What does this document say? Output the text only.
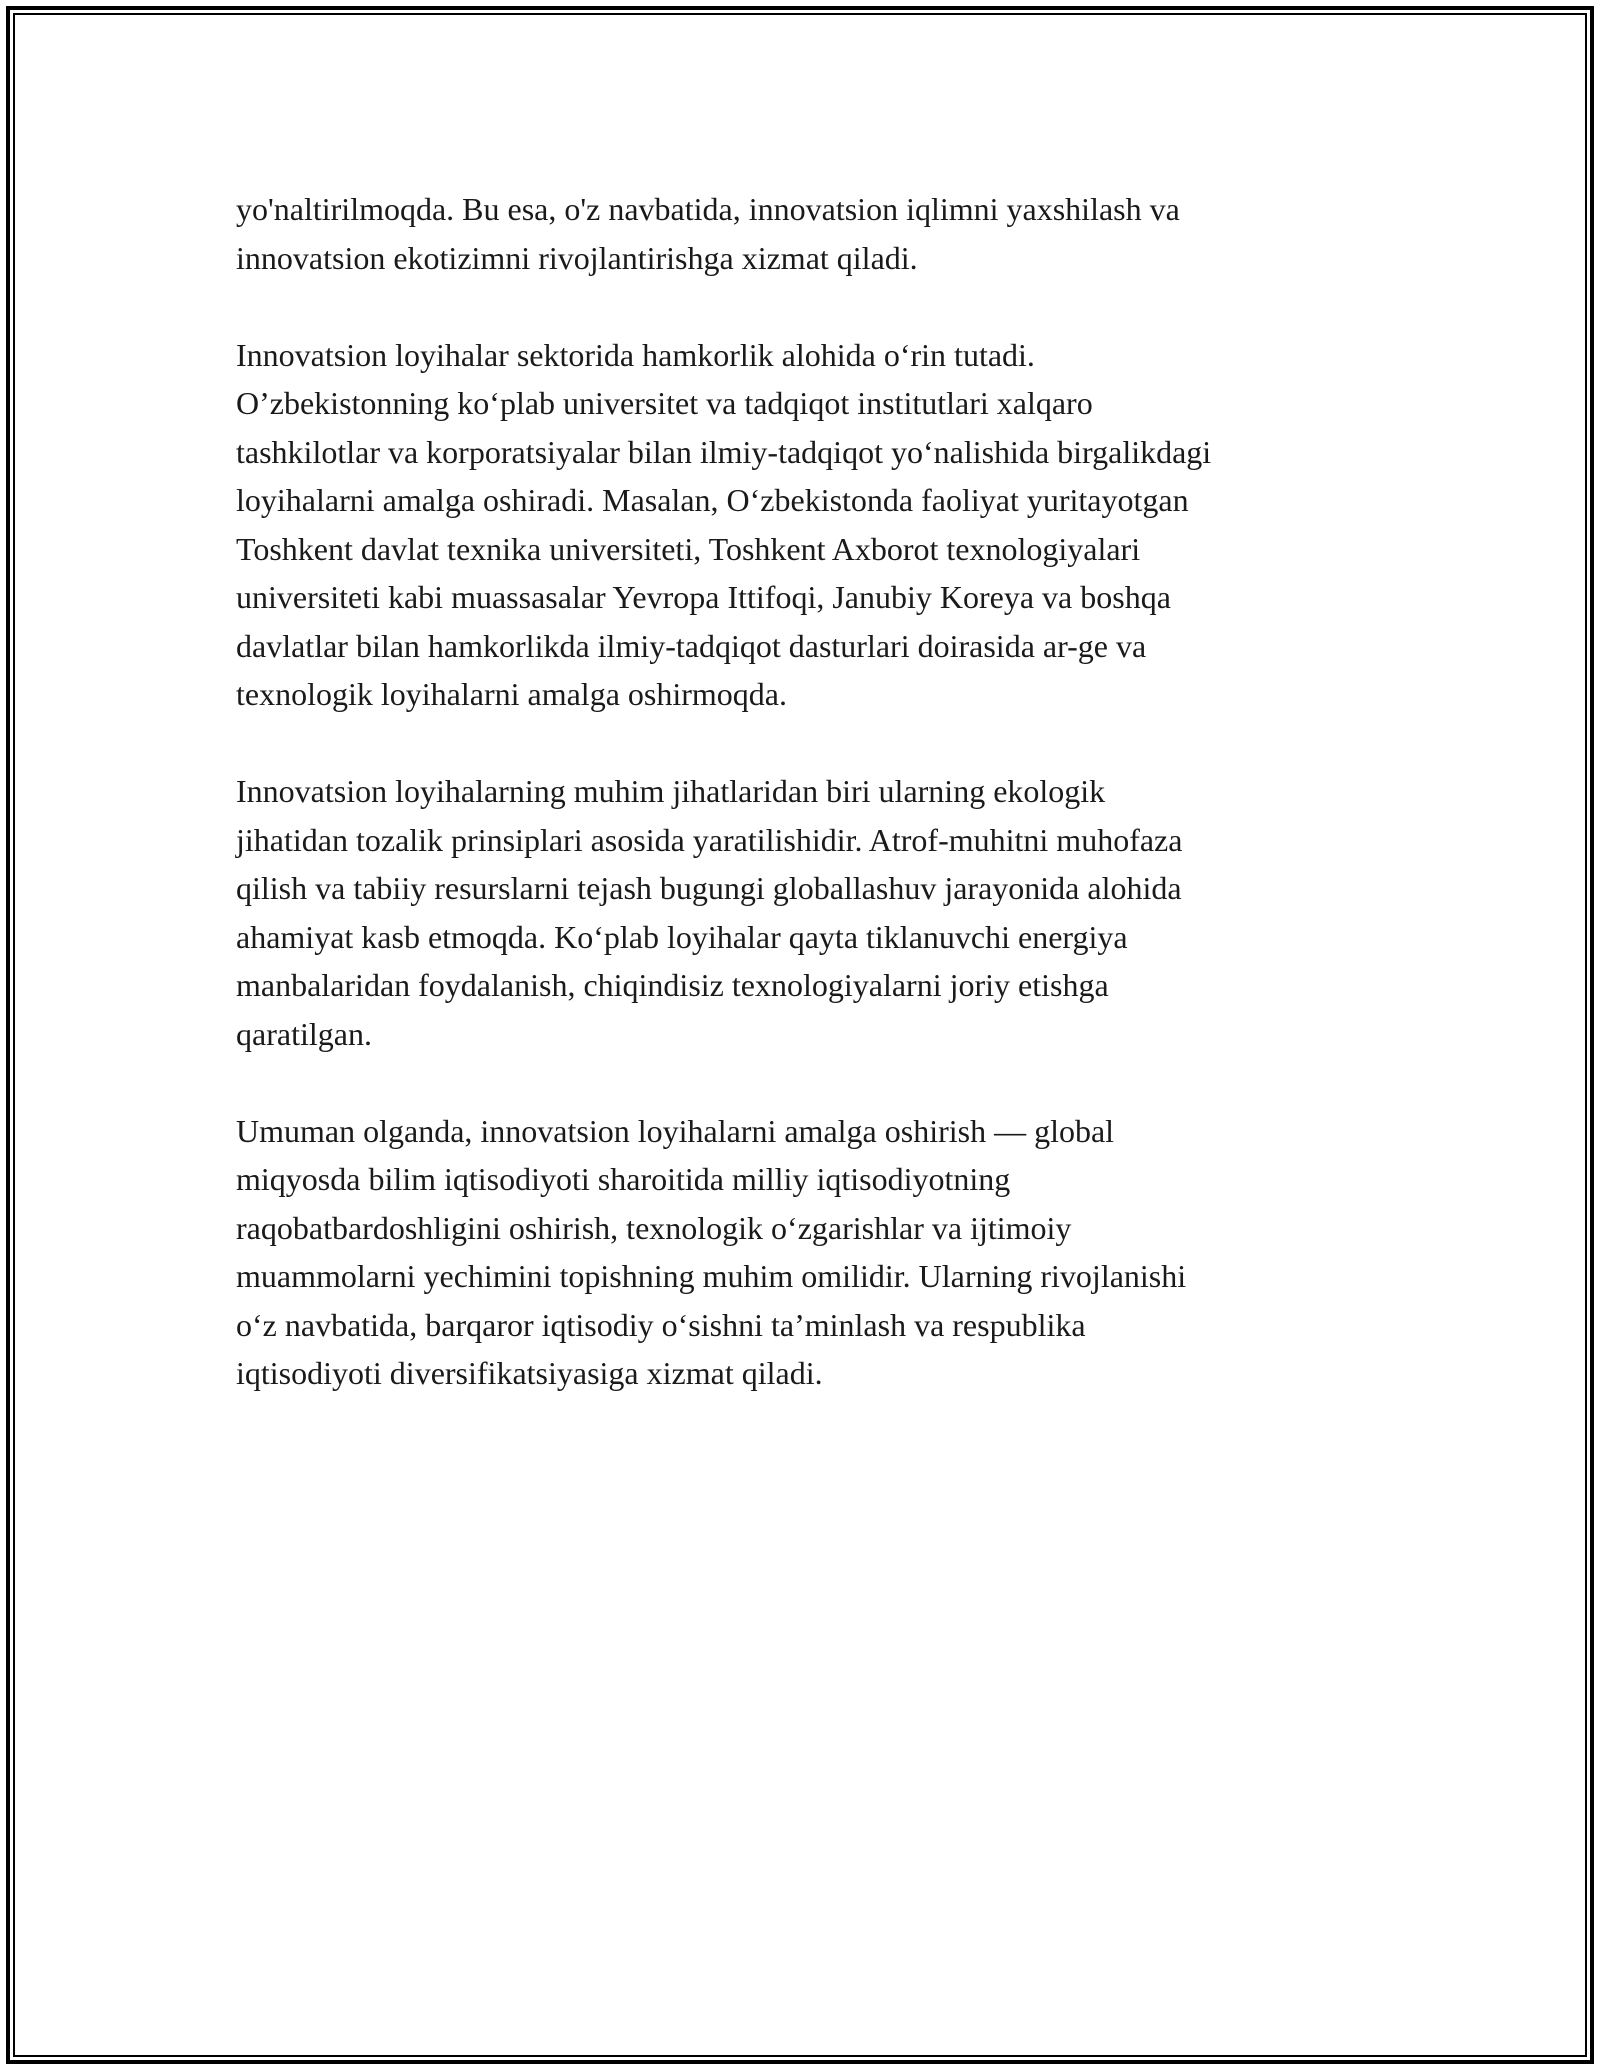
yo'naltirilmoqda. Bu esa, o'z navbatida, innovatsion iqlimni yaxshilash va
innovatsion ekotizimni rivojlantirishga xizmat qiladi.

Innovatsion loyihalar sektorida hamkorlik alohida o‘rin tutadi.
O’zbekistonning ko‘plab universitet va tadqiqot institutlari xalqaro
tashkilotlar va korporatsiyalar bilan ilmiy-tadqiqot yo‘nalishida birgalikdagi
loyihalarni amalga oshiradi. Masalan, O‘zbekistonda faoliyat yuritayotgan
Toshkent davlat texnika universiteti, Toshkent Axborot texnologiyalari
universiteti kabi muassasalar Yevropa Ittifoqi, Janubiy Koreya va boshqa
davlatlar bilan hamkorlikda ilmiy-tadqiqot dasturlari doirasida ar-ge va
texnologik loyihalarni amalga oshirmoqda.

Innovatsion loyihalarning muhim jihatlaridan biri ularning ekologik
jihatidan tozalik prinsiplari asosida yaratilishidir. Atrof-muhitni muhofaza
qilish va tabiiy resurslarni tejash bugungi globallashuv jarayonida alohida
ahamiyat kasb etmoqda. Ko‘plab loyihalar qayta tiklanuvchi energiya
manbalaridan foydalanish, chiqindisiz texnologiyalarni joriy etishga
qaratilgan.

Umuman olganda, innovatsion loyihalarni amalga oshirish — global
miqyosda bilim iqtisodiyoti sharoitida milliy iqtisodiyotning
raqobatbardoshligini oshirish, texnologik o‘zgarishlar va ijtimoiy
muammolarni yechimini topishning muhim omilidir. Ularning rivojlanishi
o‘z navbatida, barqaror iqtisodiy o‘sishni ta’minlash va respublika
iqtisodiyoti diversifikatsiyasiga xizmat qiladi.
